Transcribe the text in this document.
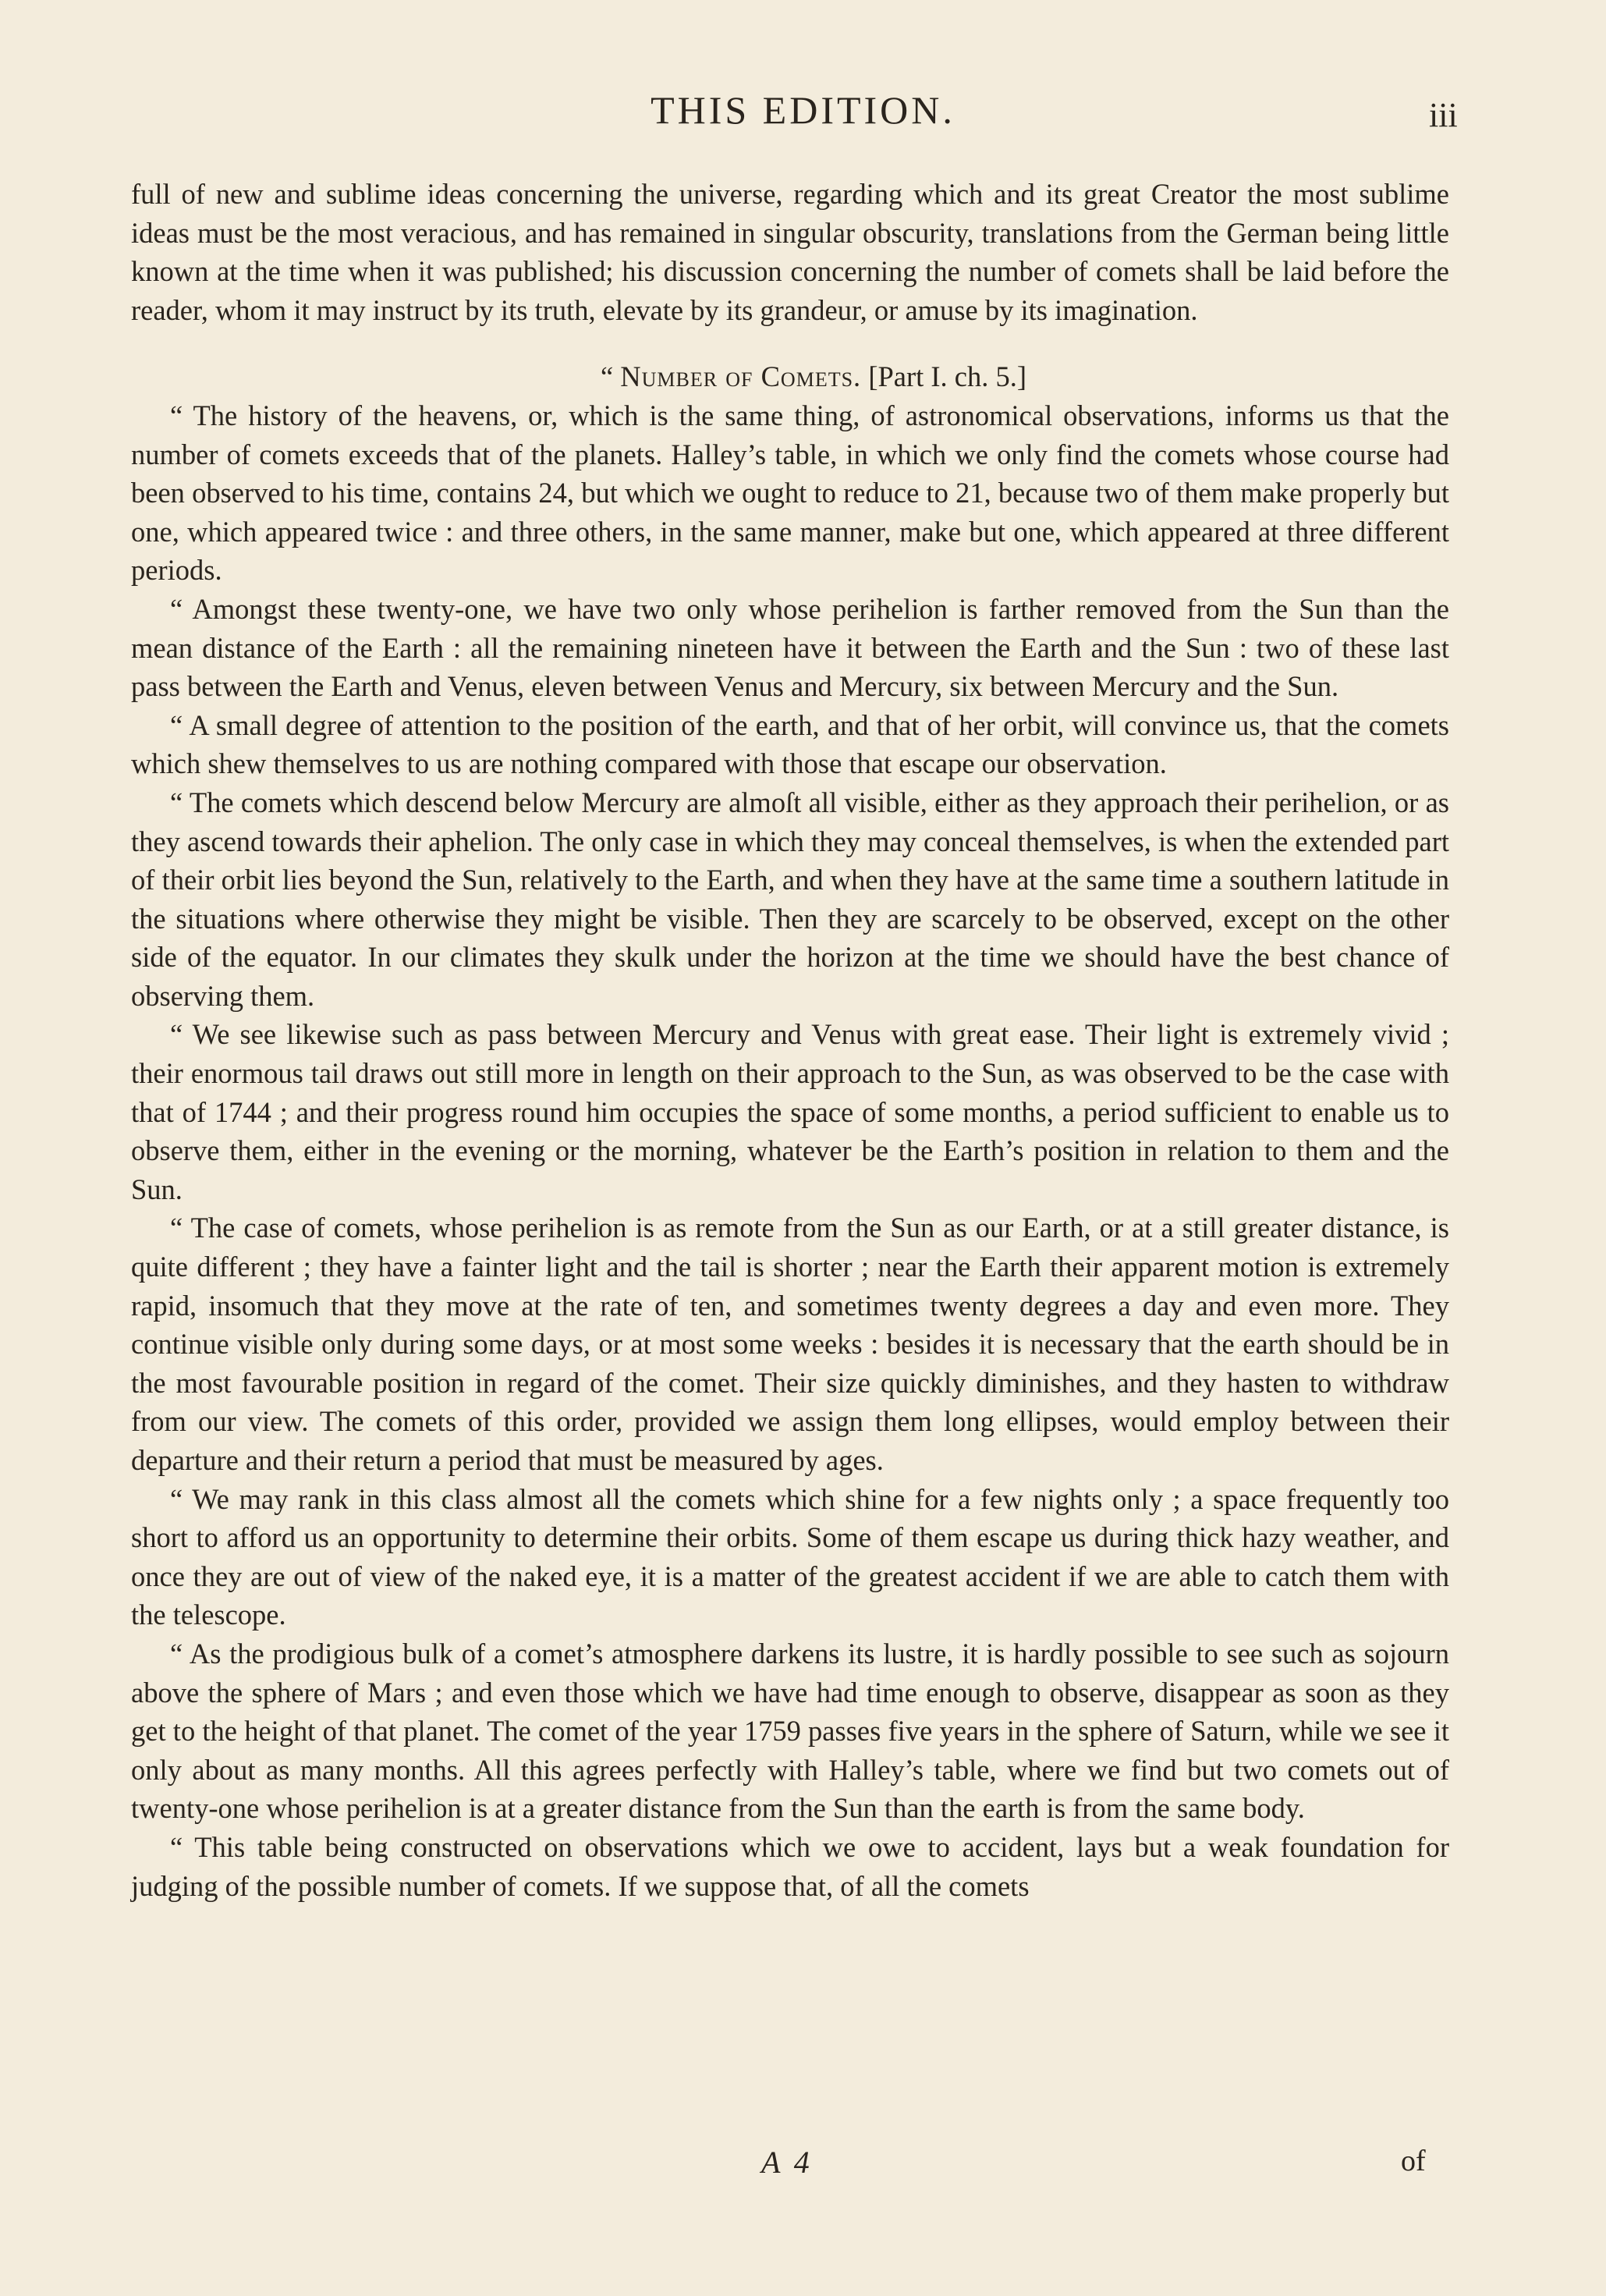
THIS EDITION.	iii

full of new and sublime ideas concerning the universe, regarding which and its great Creator the most sublime ideas must be the most veracious, and has remained in singular obscurity, translations from the German being little known at the time when it was published; his discussion concerning the number of comets shall be laid before the reader, whom it may instruct by its truth, elevate by its grandeur, or amuse by its imagination.

“ Number of Comets. [Part I. ch. 5.]

“ The history of the heavens, or, which is the same thing, of astronomical observations, informs us that the number of comets exceeds that of the planets. Halley’s table, in which we only find the comets whose course had been observed to his time, contains 24, but which we ought to reduce to 21, because two of them make properly but one, which appeared twice : and three others, in the same manner, make but one, which appeared at three different periods.

“ Amongst these twenty-one, we have two only whose perihelion is farther removed from the Sun than the mean distance of the Earth : all the remaining nineteen have it between the Earth and the Sun : two of these last pass between the Earth and Venus, eleven between Venus and Mercury, six between Mercury and the Sun.

“ A small degree of attention to the position of the earth, and that of her orbit, will convince us, that the comets which shew themselves to us are nothing compared with those that escape our observation.

“ The comets which descend below Mercury are almoſt all visible, either as they approach their perihelion, or as they ascend towards their aphelion. The only case in which they may conceal themselves, is when the extended part of their orbit lies beyond the Sun, relatively to the Earth, and when they have at the same time a southern latitude in the situations where otherwise they might be visible. Then they are scarcely to be observed, except on the other side of the equator. In our climates they skulk under the horizon at the time we should have the best chance of observing them.

“ We see likewise such as pass between Mercury and Venus with great ease. Their light is extremely vivid ; their enormous tail draws out still more in length on their approach to the Sun, as was observed to be the case with that of 1744 ; and their progress round him occupies the space of some months, a period sufficient to enable us to observe them, either in the evening or the morning, whatever be the Earth’s position in relation to them and the Sun.

“ The case of comets, whose perihelion is as remote from the Sun as our Earth, or at a still greater distance, is quite different ; they have a fainter light and the tail is shorter ; near the Earth their apparent motion is extremely rapid, insomuch that they move at the rate of ten, and sometimes twenty degrees a day and even more. They continue visible only during some days, or at most some weeks : besides it is necessary that the earth should be in the most favourable position in regard of the comet. Their size quickly diminishes, and they hasten to withdraw from our view. The comets of this order, provided we assign them long ellipses, would employ between their departure and their return a period that must be measured by ages.

“ We may rank in this class almost all the comets which shine for a few nights only ; a space frequently too short to afford us an opportunity to determine their orbits. Some of them escape us during thick hazy weather, and once they are out of view of the naked eye, it is a matter of the greatest accident if we are able to catch them with the telescope.

“ As the prodigious bulk of a comet’s atmosphere darkens its lustre, it is hardly possible to see such as sojourn above the sphere of Mars ; and even those which we have had time enough to observe, disappear as soon as they get to the height of that planet. The comet of the year 1759 passes five years in the sphere of Saturn, while we see it only about as many months. All this agrees perfectly with Halley’s table, where we find but two comets out of twenty-one whose perihelion is at a greater distance from the Sun than the earth is from the same body.

“ This table being constructed on observations which we owe to accident, lays but a weak foundation for judging of the possible number of comets. If we suppose that, of all the comets

A 4	of
